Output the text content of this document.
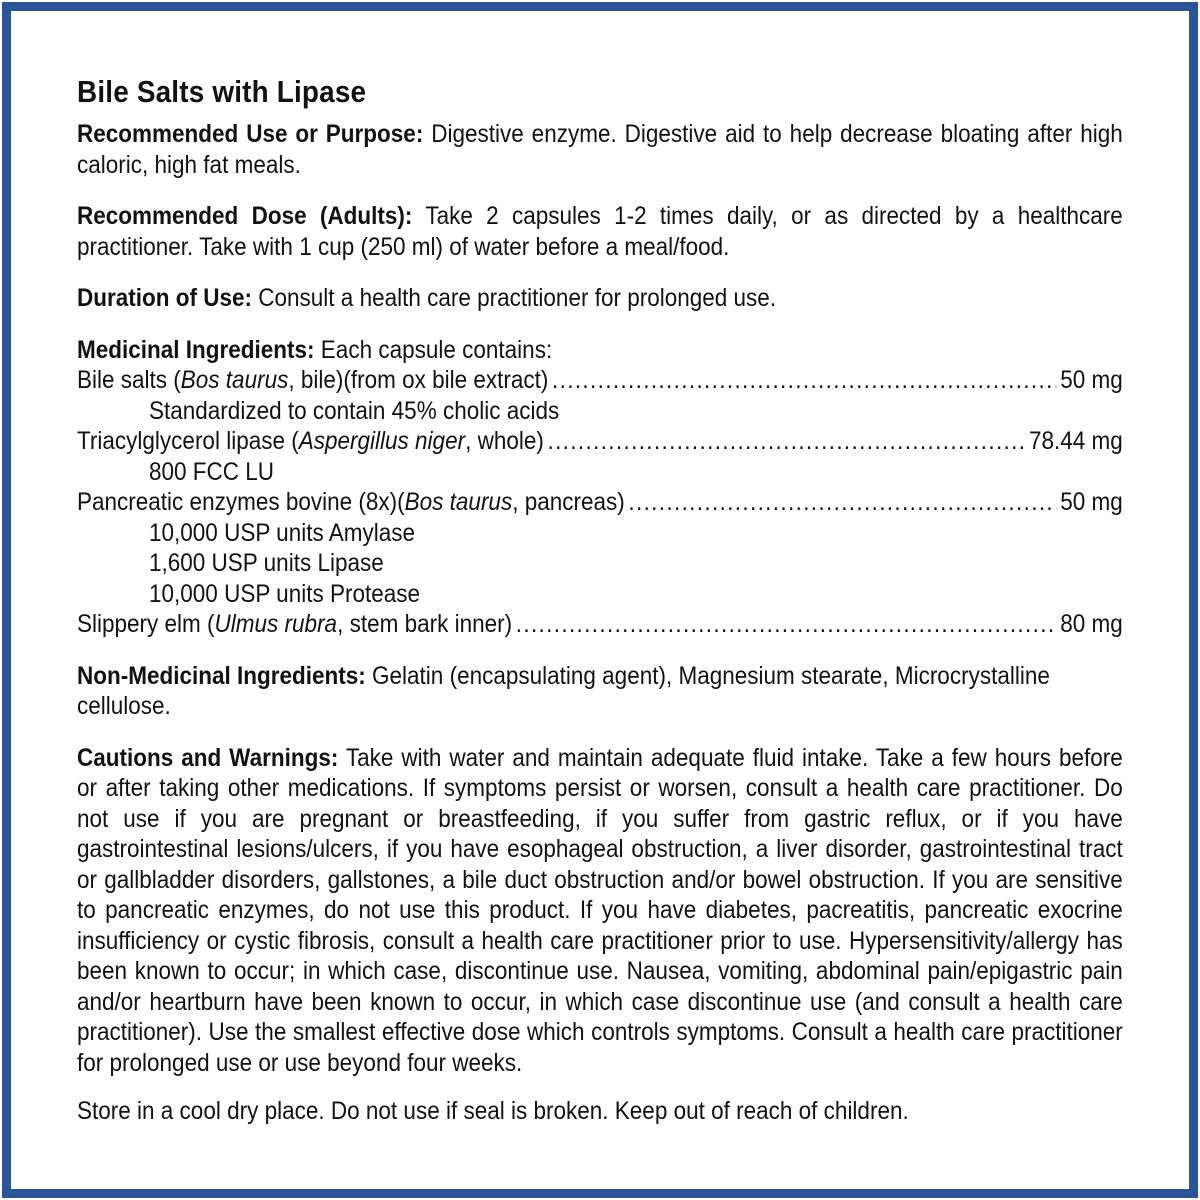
Bile Salts with Lipase

Recommended Use or Purpose: Digestive enzyme. Digestive aid to help decrease bloating after high caloric, high fat meals.

Recommended Dose (Adults): Take 2 capsules 1-2 times daily, or as directed by a healthcare practitioner. Take with 1 cup (250 ml) of water before a meal/food.

Duration of Use: Consult a health care practitioner for prolonged use.

Medicinal Ingredients: Each capsule contains:

Bile salts (Bos taurus, bile)(from ox bile extract) .....	50 mg
Standardized to contain 45% cholic acids
Triacylglycerol lipase (Aspergillus niger, whole) .....	78.44 mg
800 FCC LU
Pancreatic enzymes bovine (8x)(Bos taurus, pancreas) .....	50 mg
10,000 USP units Amylase
1,600 USP units Lipase
10,000 USP units Protease
Slippery elm (Ulmus rubra, stem bark inner) .....	80 mg

Non-Medicinal Ingredients: Gelatin (encapsulating agent), Magnesium stearate, Microcrystalline cellulose.

Cautions and Warnings: Take with water and maintain adequate fluid intake. Take a few hours before or after taking other medications. If symptoms persist or worsen, consult a health care practitioner. Do not use if you are pregnant or breastfeeding, if you suffer from gastric reflux, or if you have gastrointestinal lesions/ulcers, if you have esophageal obstruction, a liver disorder, gastrointestinal tract or gallbladder disorders, gallstones, a bile duct obstruction and/or bowel obstruction. If you are sensitive to pancreatic enzymes, do not use this product. If you have diabetes, pacreatitis, pancreatic exocrine insufficiency or cystic fibrosis, consult a health care practitioner prior to use. Hypersensitivity/allergy has been known to occur; in which case, discontinue use. Nausea, vomiting, abdominal pain/epigastric pain and/or heartburn have been known to occur, in which case discontinue use (and consult a health care practitioner). Use the smallest effective dose which controls symptoms. Consult a health care practitioner for prolonged use or use beyond four weeks.

Store in a cool dry place. Do not use if seal is broken. Keep out of reach of children.
